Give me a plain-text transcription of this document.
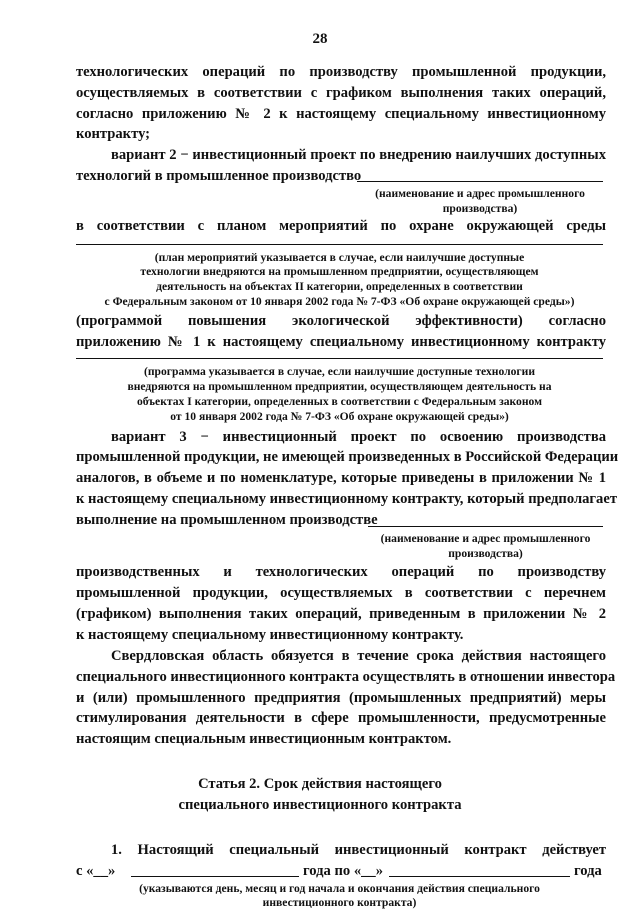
28
технологических операций по производству промышленной продукции,
осуществляемых в соответствии с графиком выполнения таких операций,
согласно приложению № 2 к настоящему специальному инвестиционному
контракту;
вариант 2 − инвестиционный проект по внедрению наилучших доступных
технологий в промышленное производство
(наименование и адрес промышленного
производства)
в соответствии с планом мероприятий по охране окружающей среды
(план мероприятий указывается в случае, если наилучшие доступные
технологии внедряются на промышленном предприятии, осуществляющем
деятельность на объектах II категории, определенных в соответствии
с Федеральным законом от 10 января 2002 года № 7-ФЗ «Об охране окружающей среды»)
(программой повышения экологической эффективности) согласно
приложению № 1 к настоящему специальному инвестиционному контракту
(программа указывается в случае, если наилучшие доступные технологии
внедряются на промышленном предприятии, осуществляющем деятельность на
объектах I категории, определенных в соответствии с Федеральным законом
от 10 января 2002 года № 7-ФЗ «Об охране окружающей среды»)
вариант 3 − инвестиционный проект по освоению производства
промышленной продукции, не имеющей произведенных в Российской Федерации
аналогов, в объеме и по номенклатуре, которые приведены в приложении № 1
к настоящему специальному инвестиционному контракту, который предполагает
выполнение на промышленном производстве
(наименование и адрес промышленного
производства)
производственных и технологических операций по производству
промышленной продукции, осуществляемых в соответствии с перечнем
(графиком) выполнения таких операций, приведенным в приложении № 2
к настоящему специальному инвестиционному контракту.
Свердловская область обязуется в течение срока действия настоящего
специального инвестиционного контракта осуществлять в отношении инвестора
и (или) промышленного предприятия (промышленных предприятий) меры
стимулирования деятельности в сфере промышленности, предусмотренные
настоящим специальным инвестиционным контрактом.
Статья 2. Срок действия настоящего
специального инвестиционного контракта
1. Настоящий специальный инвестиционный контракт действует
с «__»	года по «__»	года
(указываются день, месяц и год начала и окончания действия специального
инвестиционного контракта)
